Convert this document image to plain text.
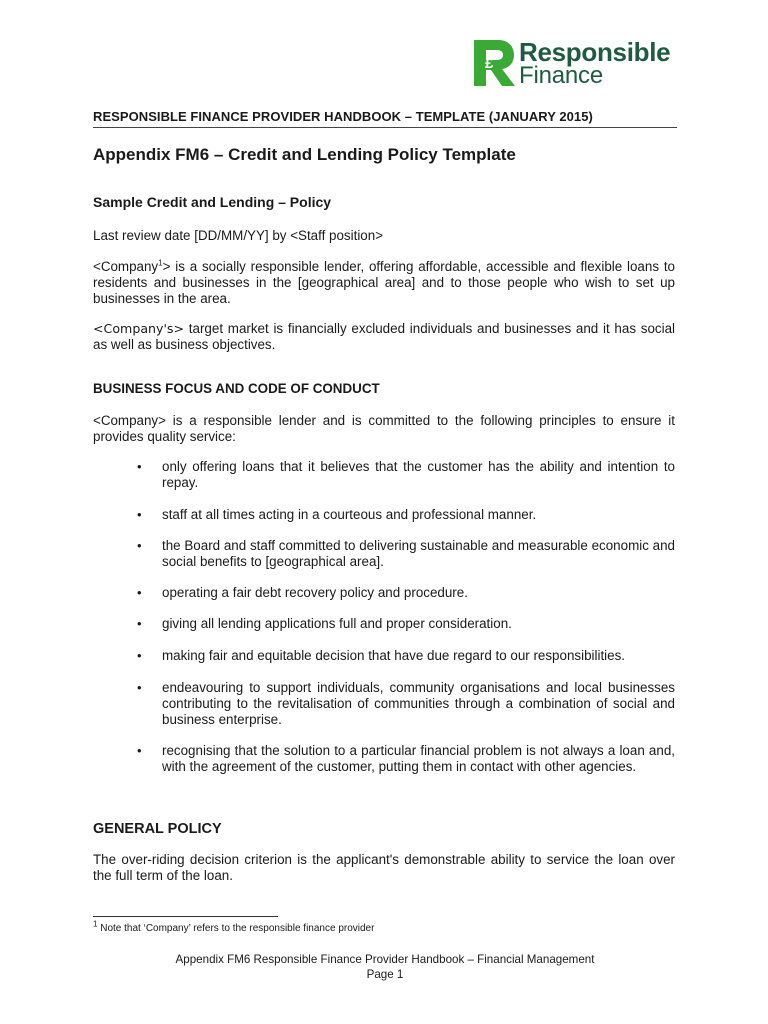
£ Responsible
Finance
RESPONSIBLE FINANCE PROVIDER HANDBOOK – TEMPLATE (JANUARY 2015)
Appendix FM6 – Credit and Lending Policy Template
Sample Credit and Lending – Policy
Last review date [DD/MM/YY] by <Staff position>
<Company$^1$> is a socially responsible lender, offering affordable, accessible and flexible loans to residents and businesses in the [geographical area] and to those people who wish to set up businesses in the area.
<Company's> target market is financially excluded individuals and businesses and it has social as well as business objectives.
BUSINESS FOCUS AND CODE OF CONDUCT
<Company> is a responsible lender and is committed to the following principles to ensure it provides quality service:
•	only offering loans that it believes that the customer has the ability and intention to repay.
•	staff at all times acting in a courteous and professional manner.
•	the Board and staff committed to delivering sustainable and measurable economic and social benefits to [geographical area].
•	operating a fair debt recovery policy and procedure.
•	giving all lending applications full and proper consideration.
•	making fair and equitable decision that have due regard to our responsibilities.
•	endeavouring to support individuals, community organisations and local businesses contributing to the revitalisation of communities through a combination of social and business enterprise.
•	recognising that the solution to a particular financial problem is not always a loan and, with the agreement of the customer, putting them in contact with other agencies.
GENERAL POLICY
The over-riding decision criterion is the applicant's demonstrable ability to service the loan over the full term of the loan.
$^1$ Note that ‘Company’ refers to the responsible finance provider
Appendix FM6 Responsible Finance Provider Handbook – Financial Management
Page 1
